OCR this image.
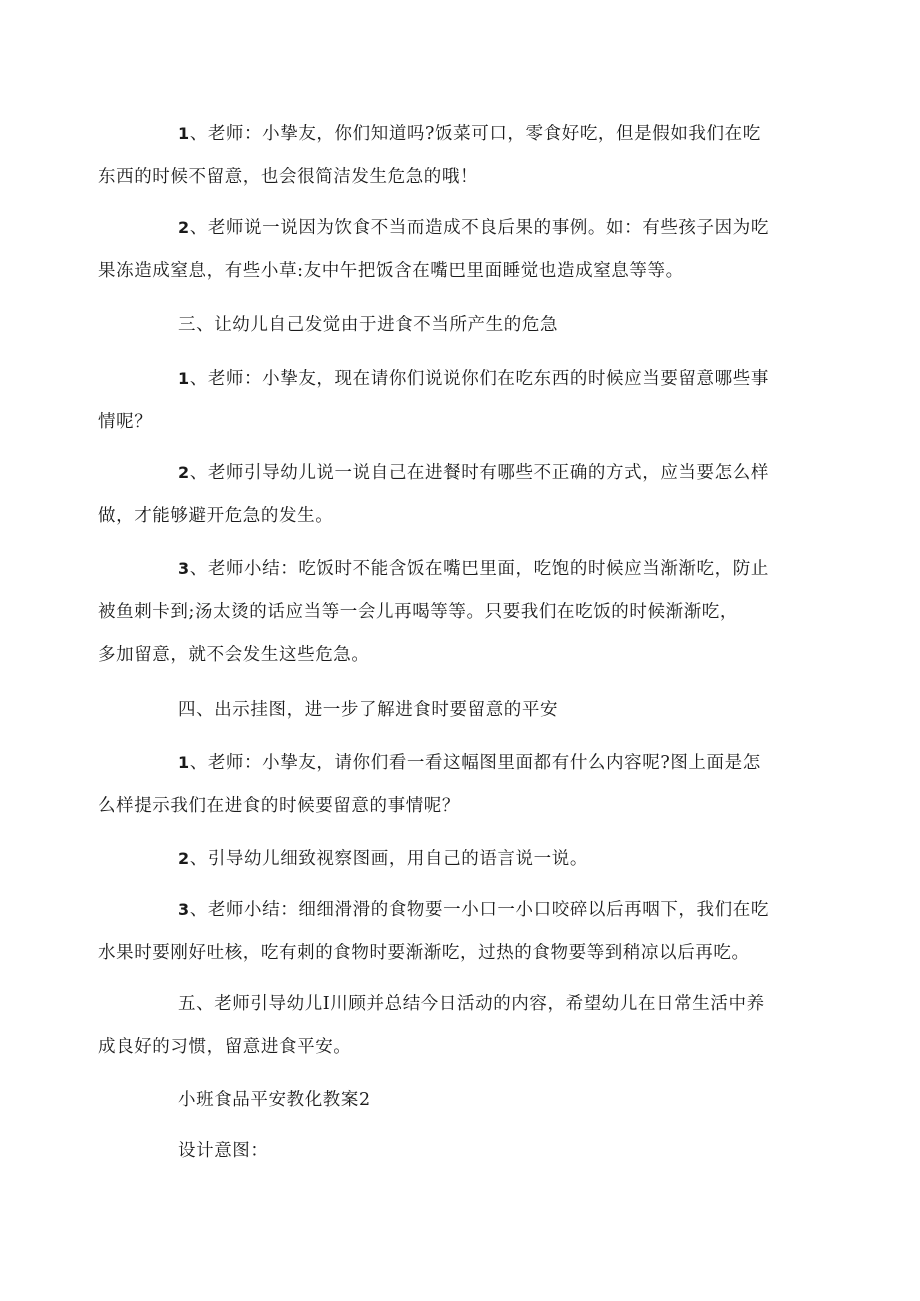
1、老师：小挚友，你们知道吗?饭菜可口，零食好吃，但是假如我们在吃
东西的时候不留意，也会很简洁发生危急的哦！
2、老师说一说因为饮食不当而造成不良后果的事例。如：有些孩子因为吃
果冻造成窒息，有些小草:友中午把饭含在嘴巴里面睡觉也造成窒息等等。
三、让幼儿自己发觉由于进食不当所产生的危急
1、老师：小挚友，现在请你们说说你们在吃东西的时候应当要留意哪些事
情呢？
2、老师引导幼儿说一说自己在进餐时有哪些不正确的方式，应当要怎么样
做，才能够避开危急的发生。
3、老师小结：吃饭时不能含饭在嘴巴里面，吃饱的时候应当渐渐吃，防止
被鱼刺卡到;汤太烫的话应当等一会儿再喝等等。只要我们在吃饭的时候渐渐吃，
多加留意，就不会发生这些危急。
四、出示挂图，进一步了解进食时要留意的平安
1、老师：小挚友，请你们看一看这幅图里面都有什么内容呢?图上面是怎
么样提示我们在进食的时候要留意的事情呢？
2、引导幼儿细致视察图画，用自己的语言说一说。
3、老师小结：细细滑滑的食物要一小口一小口咬碎以后再咽下，我们在吃
水果时要刚好吐核，吃有刺的食物时要渐渐吃，过热的食物要等到稍凉以后再吃。
五、老师引导幼儿I川顾并总结今日活动的内容，希望幼儿在日常生活中养
成良好的习惯，留意进食平安。
小班食品平安教化教案2
设计意图：
